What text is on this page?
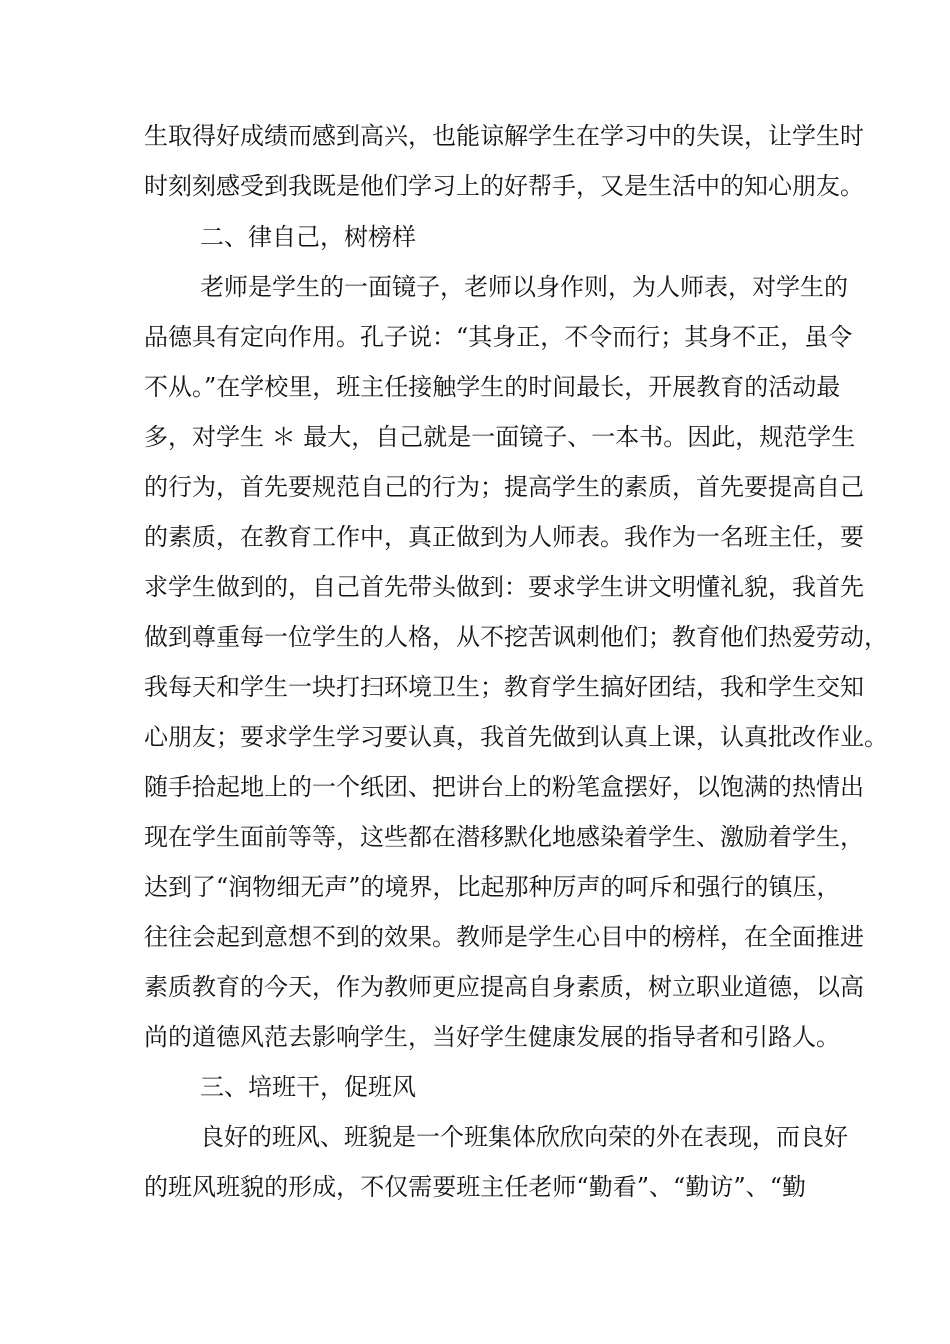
生取得好成绩而感到高兴，也能谅解学生在学习中的失误，让学生时
时刻刻感受到我既是他们学习上的好帮手，又是生活中的知心朋友。
二、律自己，树榜样
老师是学生的一面镜子，老师以身作则，为人师表，对学生的
品德具有定向作用。孔子说：“其身正，不令而行；其身不正，虽令
不从。”在学校里，班主任接触学生的时间最长，开展教育的活动最
多，对学生 ＊ 最大，自己就是一面镜子、一本书。因此，规范学生
的行为，首先要规范自己的行为；提高学生的素质，首先要提高自己
的素质，在教育工作中，真正做到为人师表。我作为一名班主任，要
求学生做到的，自己首先带头做到：要求学生讲文明懂礼貌，我首先
做到尊重每一位学生的人格，从不挖苦讽刺他们；教育他们热爱劳动，
我每天和学生一块打扫环境卫生；教育学生搞好团结，我和学生交知
心朋友；要求学生学习要认真，我首先做到认真上课，认真批改作业。
随手拾起地上的一个纸团、把讲台上的粉笔盒摆好，以饱满的热情出
现在学生面前等等，这些都在潜移默化地感染着学生、激励着学生，
达到了“润物细无声”的境界，比起那种厉声的呵斥和强行的镇压，
往往会起到意想不到的效果。教师是学生心目中的榜样，在全面推进
素质教育的今天，作为教师更应提高自身素质，树立职业道德，以高
尚的道德风范去影响学生，当好学生健康发展的指导者和引路人。
三、培班干，促班风
良好的班风、班貌是一个班集体欣欣向荣的外在表现，而良好
的班风班貌的形成，不仅需要班主任老师“勤看”、“勤访”、“勤
